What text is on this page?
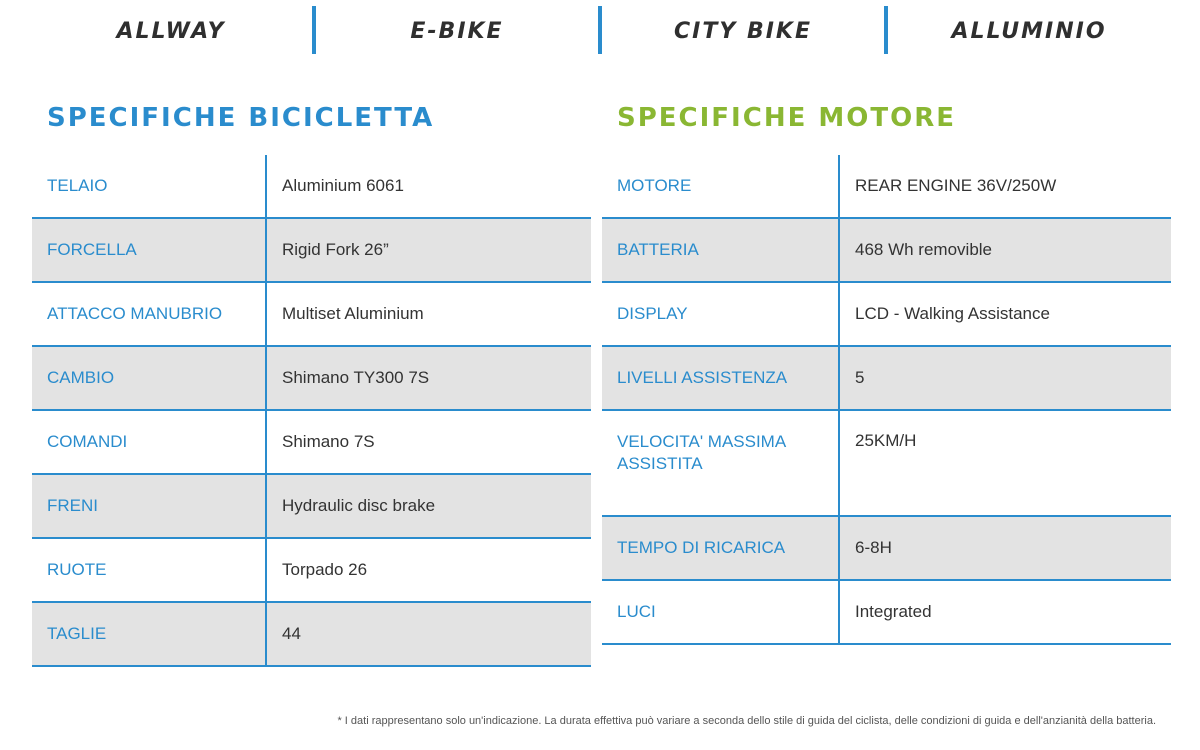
ALLWAY	E-BIKE	CITY BIKE	ALLUMINIO
SPECIFICHE BICICLETTA	SPECIFICHE MOTORE
TELAIO	Aluminium 6061
FORCELLA	Rigid Fork 26”
ATTACCO MANUBRIO	Multiset Aluminium
CAMBIO	Shimano TY300 7S
COMANDI	Shimano 7S
FRENI	Hydraulic disc brake
RUOTE	Torpado 26
TAGLIE	44
MOTORE	REAR ENGINE 36V/250W
BATTERIA	468 Wh removible
DISPLAY	LCD - Walking Assistance
LIVELLI ASSISTENZA	5
VELOCITA' MASSIMA ASSISTITA	25KM/H
TEMPO DI RICARICA	6-8H
LUCI	Integrated
* I dati rappresentano solo un'indicazione. La durata effettiva può variare a seconda dello stile di guida del ciclista, delle condizioni di guida e dell'anzianità della batteria.
